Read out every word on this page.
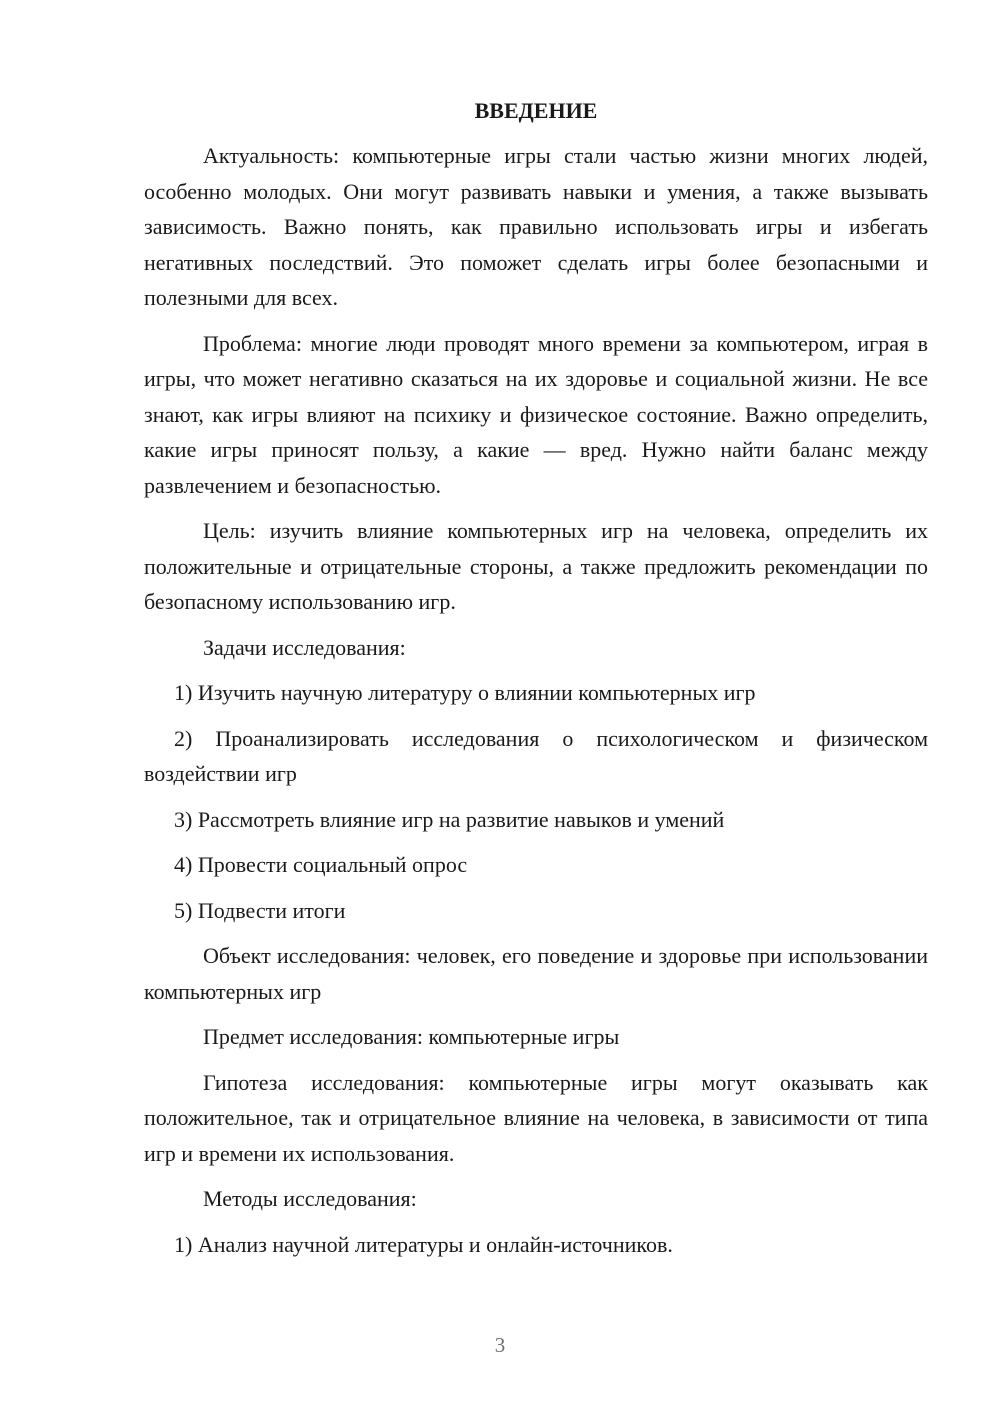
ВВЕДЕНИЕ

Актуальность: компьютерные игры стали частью жизни многих людей, особенно молодых. Они могут развивать навыки и умения, а также вызывать зависимость. Важно понять, как правильно использовать игры и избегать негативных последствий. Это поможет сделать игры более безопасными и полезными для всех.

Проблема: многие люди проводят много времени за компьютером, играя в игры, что может негативно сказаться на их здоровье и социальной жизни. Не все знают, как игры влияют на психику и физическое состояние. Важно определить, какие игры приносят пользу, а какие — вред. Нужно найти баланс между развлечением и безопасностью.

Цель: изучить влияние компьютерных игр на человека, определить их положительные и отрицательные стороны, а также предложить рекомендации по безопасному использованию игр.

Задачи исследования:

1) Изучить научную литературу о влиянии компьютерных игр

2) Проанализировать исследования о психологическом и физическом воздействии игр

3) Рассмотреть влияние игр на развитие навыков и умений

4) Провести социальный опрос

5) Подвести итоги

Объект исследования: человек, его поведение и здоровье при использовании компьютерных игр

Предмет исследования: компьютерные игры

Гипотеза исследования: компьютерные игры могут оказывать как положительное, так и отрицательное влияние на человека, в зависимости от типа игр и времени их использования.

Методы исследования:

1) Анализ научной литературы и онлайн-источников.

3
